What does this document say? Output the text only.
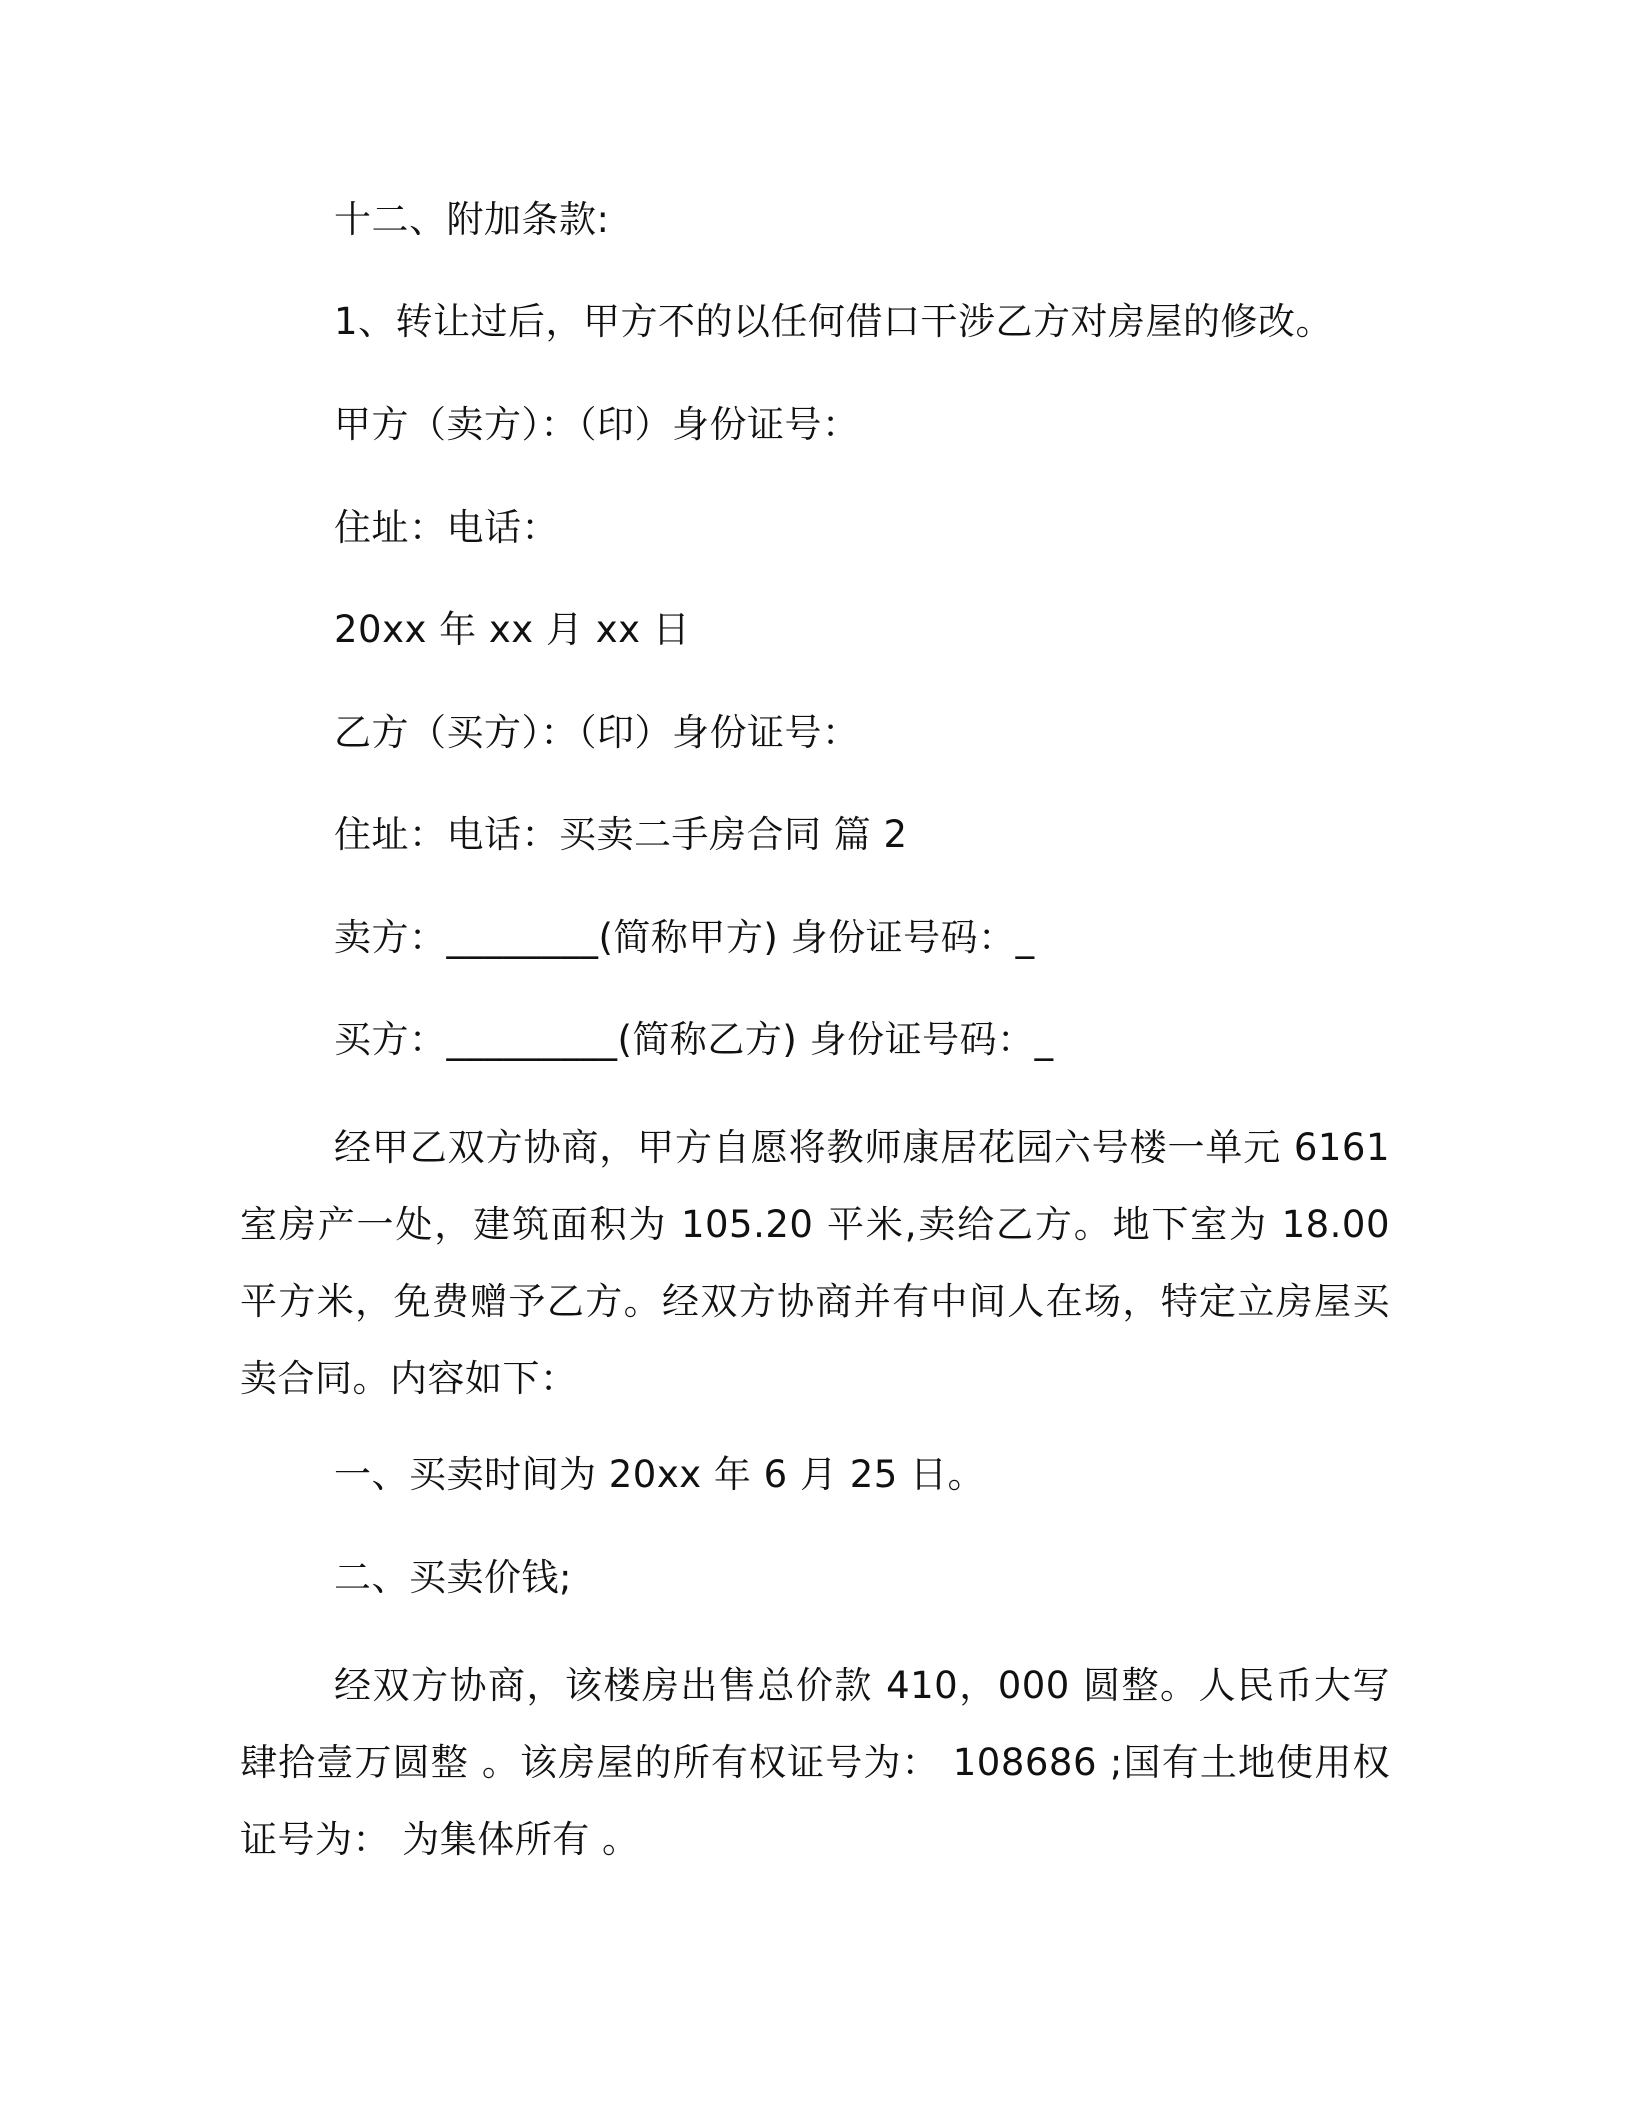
十二、附加条款:
1、转让过后，甲方不的以任何借口干涉乙方对房屋的修改。
甲方（卖方）：（印）身份证号：
住址：电话：
20xx 年 xx 月 xx 日
乙方（买方）：（印）身份证号：
住址：电话：买卖二手房合同 篇 2
卖方：________(简称甲方) 身份证号码：_
买方：_________(简称乙方) 身份证号码：_
经甲乙双方协商，甲方自愿将教师康居花园六号楼一单元 6161 室房产一处，建筑面积为 105.20 平米,卖给乙方。地下室为 18.00 平方米，免费赠予乙方。经双方协商并有中间人在场，特定立房屋买卖合同。内容如下：
一、买卖时间为 20xx 年 6 月 25 日。
二、买卖价钱;
经双方协商，该楼房出售总价款 410，000 圆整。人民币大写 肆拾壹万圆整 。该房屋的所有权证号为： 108686 ;国有土地使用权证号为： 为集体所有 。
